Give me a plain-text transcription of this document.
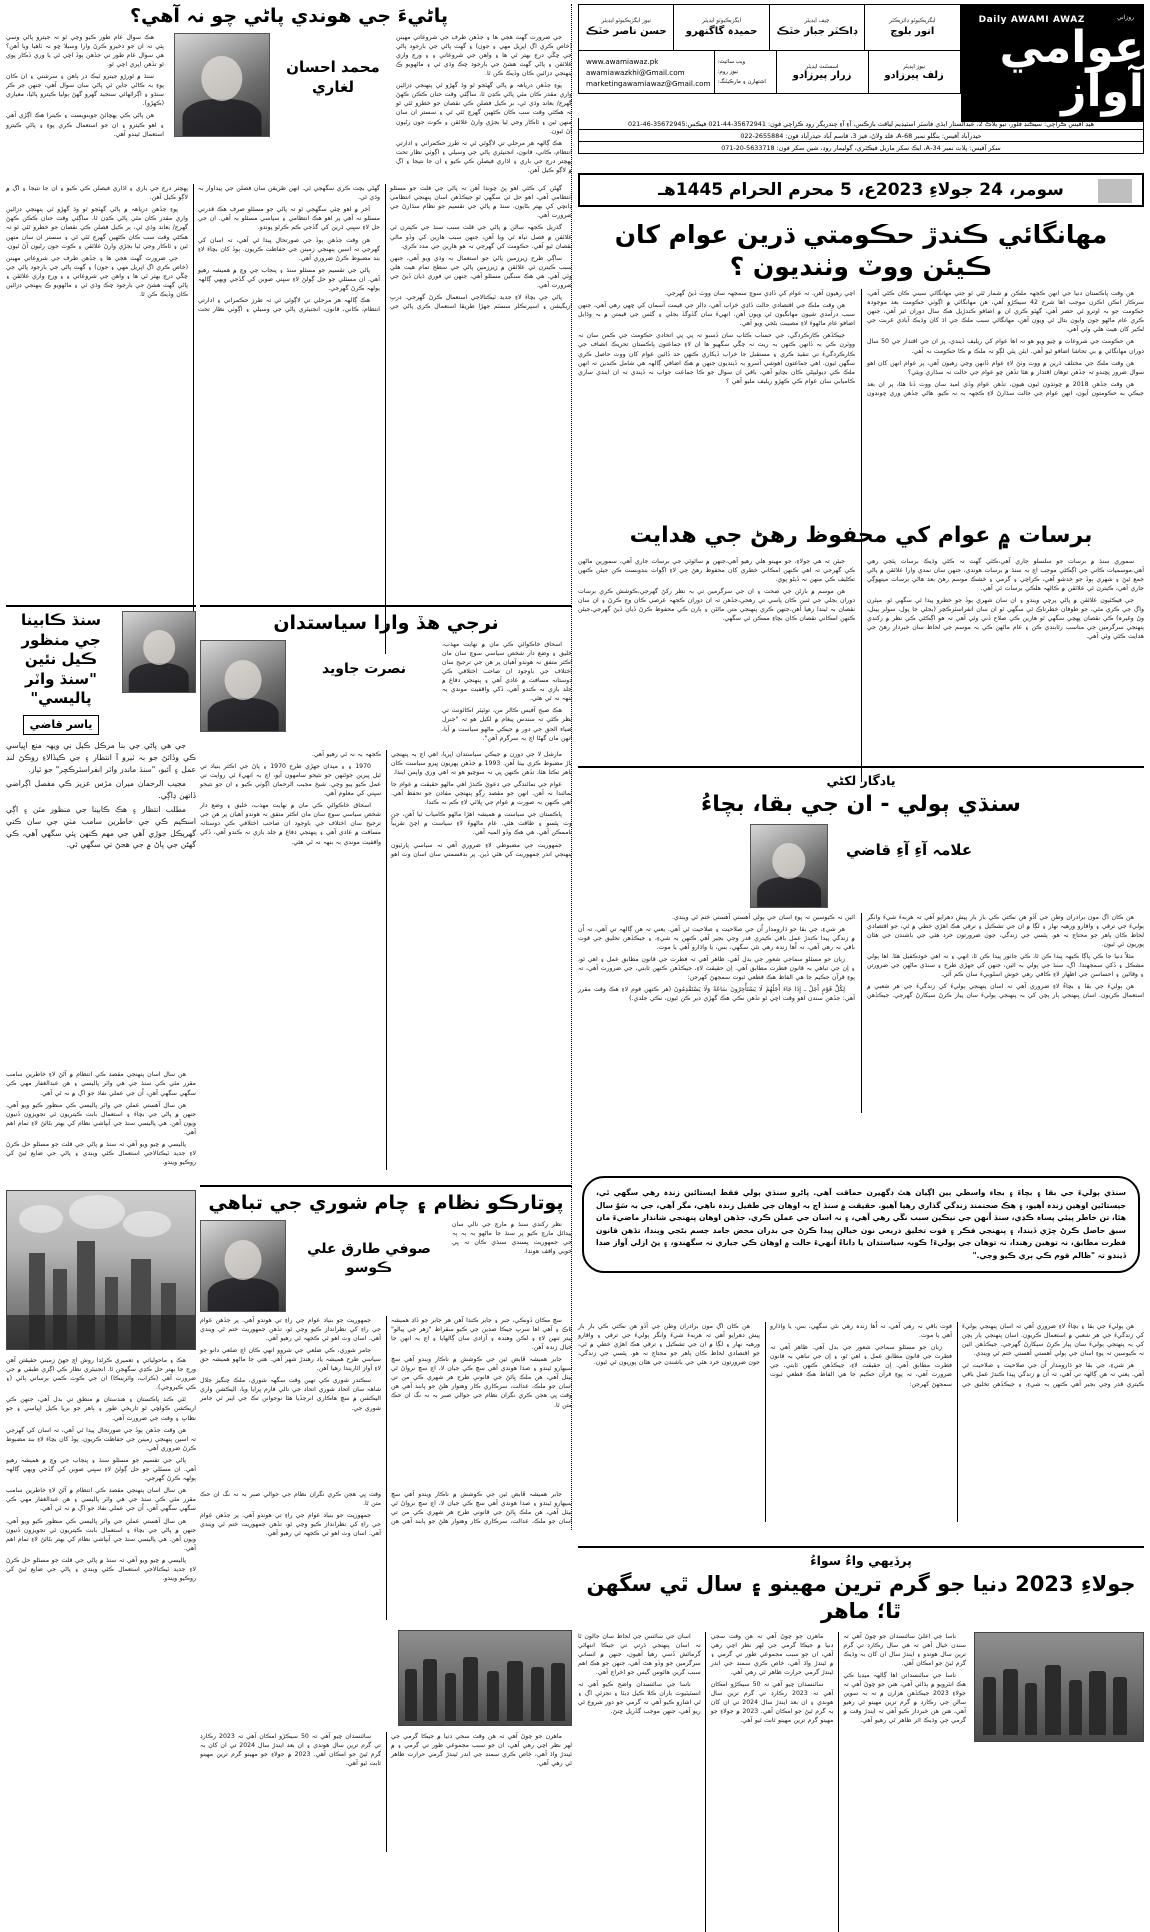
روزاني
Daily AWAMI AWAZ
عوامي آواز
ايگزيڪيوٽو ڊائريڪٽر
انور بلوچ
چيف ايڊيٽر
ڊاڪٽر جبار خٽڪ
ايگزيڪيوٽو ايڊيٽر
حميدہ گاگنهرو
نيوز ايگزيڪيوٽو ايڊيٽر
حسن ناصر خٽڪ
نيوز ايڊيٽر
زلف پيرزادو
اسسٽنٽ ايڊيٽر
زرار پيرزادو
ويب سائيٽ:
نيوز روم:
اشتهارن ۽ مارڪيٽنگ:
www.awamiawaz.pk
awamiawazkhi@Gmail.com
marketingawamiawaz@Gmail.com
هيڊ آفيس ڪراچي: سيڪنڊ فلور، نيو بلاڪ 2، عبدالستار ايڌي فاسٽر اسٽيڊيم لياقت بازڪس، آءِ آءِ چندريگر روڊ ڪراچي فون: 35672941-44-021 فيڪس:35672945-46-021
حيدرآباد آفيس: بنگلو نمبر 68-A، فلڊ ولاڻ، فيز 3، قاسم آباد حيدرآباد فون: 2655884-022
سکر آفيس: پلاٽ نمبر 34-A، ايڪ سکر ماربل فيڪٽري، گوليمار روڊ، شين سکر فون: 5633718-20-071
سومر، 24 جولاءِ 2023ع، 5 محرم الحرام 1445هـ
مهانگائي ڪندڙ حڪومتي ڌرين عوام کان ڪيئن ووٽ وٺنديون ؟

هن وقت پاڪستان دنيا جي انهن ڪجهہ ملڪن ۾ شمار ٿئي ٿو جتي مهانگائي سيني ڪان ڪٿي آهي، سرڪار انڪن اڪرن موجب اها شرح 42 سيڪڙو آهي، هن مهانگائي ۾ اڳوٺي حڪومت بعد موجودہ حڪومت جو بہ اوترو ئي حصر آهي، گهٽو ڪري ان ۾ اضافو ڪندڙيل هڪ سال دوران ٿير آهي، جنهن ڪري عام ماڻهو جون وايون بتال ٿي ويون آهن، مهانگائي سبب ملڪ جي اڌ کان وڌيڪ آبادي غربت جي لڪير کان هيٺ هلي وئي آهي.

هن حڪومت جي شروعات ۾ چيو ويو هو تہ اها عوام کي ريليف ڏيندي، پر ان جي اقتدار جي 50 سال دوران مهانگائي ۾ بي تحاشا اضافو ٿيو آهي. ايئن پئي لڳو تہ ملڪ ۾ ڪا حڪومت نہ آهي.

هن وقت ملڪ جي مختلف ڌرين ۾ ووٽ وٺڻ لاءِ عوام ڏانهن وڃي رهيون آهن، پر عوام انهن کان اهو سوال ضرور پڇندو تہ جڏهن توهان اقتدار ۾ هئا تڏهن ڇو عوام جي حالت نہ سڌاري ويئي؟

هن وقت جڏهن 2018 ۾ چونڊون ٿيون هيون، تڏهن عوام وڏي اميد سان ووٽ ڏنا هئا، پر ان بعد جيڪي به حڪومتون آيون، انهن عوام جي حالت سڌارڻ لاءِ ڪجهہ بہ نہ ڪيو. هاڻي جڏهن وري چونڊون اچي رهيون آهن، تہ عوام کي ڏاڍي سوچ سمجهہ سان ووٽ ڏيڻ گهرجي.

هن وقت ملڪ جي اقتصادي حالت ڏاڍي خراب آهي، ڊالر جي قيمت آسمان کي ڇهي رهي آهي، جنهن سبب درآمدي شيون مهانگيون ٿي ويون آهن. انهيءَ سان گڏوگڏ بجلي ۽ گئس جي قيمتن ۾ بہ وڌايل اضافو عام ماڻهوءَ لاءِ مصيبت بڻجي ويو آهي.

جيڪڏهن ڪارڪردگي، جي حساب ڪتاب سان ڏسبو تہ پي پي اتحادي حڪومت جي ڪمن سان نہ ووٽرن ڪي بہ ڏانهن ڪنهن بہ ريت نہ چڱي سگهيو ها ان لاءِ جماعتون پاڪستان تحريڪ انصاف جي ڪارڪردگيءَ تي تنقيد ڪري ۽ مستقبل جا خراب ڏيکاري ڪنهن حد ڏائين عوام کان ووٽ حاصل ڪري سگهن ٿيون. اهي جماعتون اهوشي آسرو بہ ڏينديون جنهن ۾ هڪ اضافي ڳالهہ هي شامل ڪندين تہ انهن ملڪ ڪي ڊيوليپڻي ڪان بچايو آهي، باقي ان سوال جو ڪا جماعت جواب نہ ڏيندي تہ ان ايندي ساري ڪاميابي سان عوام ڪي ڪهڙو ريليف مليو آهي ؟

برسات ۾ عوام کي محفوظ رهڻ جي هدايت

سموري سنڌ ۾ برسات جو سلسلو جاري آهي،ڪٿي گهٽ تہ ڪٿي وڌيڪ برسات پئجي رهي آهي.موسميات ڪاتي جي اڳڪٿي موجب اڄ بہ سنڌ ۾ برسات هوندي، جنهن سان نمدي وارا علائقن ۾ پاڻي جمع ٿيڻ ۽ شهري ٻوڏ جو خدشو آهي، ڪراچي ۽ گرمي ۽ خشڪ موسم رهڻ بعد هاڻي برسات مينهوڳي جاري آهي، ڪيترن ئي علائقن ۾ ڪالهہ هلڪي برسات ٿي آهي.

جي فيڪٽيون علائقن ۾ پاڻي پرچي ويندو ۽ ان سان شهري ٻوڏ جو خطرو پيدا ٿي سگهي ٿو. ميئرن واڳ جي ڪري مٿي، جو طوفان خطرناڪ ٿي سگهي ٿو ان سان انفراسٽرڪچر (بجلي جا پول، سولر پينل، وڻ وغيرہ) ڪي نقصان پهچي سگهي ٿو هارين ڪي صلاح ڏني وئي آهي تہ هو اڳڪٿي ڪي نظر ۾ رکندي پنهنجي سرگرمين جي مناسب رٿابندي ڪن ۽ عام ماڻهن ڪي بہ موسم جي لحاظ سان خبردار رهڻ جي هدايت ڪئي وئي آهي.

جيئن تہ هي جولاءِ، جو مهينو هلي رهيو آهي،جنهن ۾ ساٿوئي جي برسات جاري آهي، سمورين ماڻهن ڪي گهرجي تہ اهي ڪنهن امڪاني خطري کان محفوظ رهڻ جي لاءِ اڳواٽ بندوبست ڪن جيئن ڪنهن تڪليف ڪي منهن نہ ڏيڻو پوي.

هن موسم ۾ بارڻن جي صحت ۽ ان جي سرگرمين تي بہ نظر رکڻ گهرجي،ڪوشش ڪري برسات دوران بجلي جي ٿنبن ڪان پاسي تي رهجي،جڏهن تہ ان دوران ڪجهہ عرصي ڪان وڃ ڪرڻ ۽ ان سان نقصان بہ ٿيندا رهيا آهن،جنهن ڪري پنهنجي متن مائٽن ۽ ٻارن ڪي محفوظ ڪرڻ ڏيان ڏيڻ گهرجي،جيئن ڪنهن امڪاني نقصان ڪان بچاءِ ممڪن ٿي سگهي.

يادگار لکڻي
سنڌي ٻولي - ان جي بقا، بچاءُ
علامہ آءِ آءِ قاضي

هن ڪان اڳ مون برادران وطن جي آڏو هن نڪتي ڪي بار بار پيش دهرايو آهي تہ هربهءَ شيءَ وانگر ٻوليءَ جي ترقي ۽ واقارو ورهيہ نهار ۽ لڳا ۾ ان جي تشڪيل ۽ ترقي هڪ اهڙي خطي ۾ ٿي، جو اقتصادي لحاظ ڪان ٻاهر جو محتاج نہ هو. پئسي جي زندگي، جون ضرورتون خرد هئي جي باشندن جي هٿان پوريون ٿي ٿيون.

مثلاً دنيا جا ڪي پاڳا ڪيهہ پيدا ڪن ٿا، ڪي جانور پيدا ڪن ٿا، انهي ۽ تہ اهي خودڪفيل هئا. اها ٻولي مشڪل ۽ ڏکي سمجهندا. اڳ، سنڌ جي ٻولي بہ ائين، جنهن کي جهڙي طرح ۽ سنڌي ماڻهن جي ضرورتن ۽ وقائين ۽ احساسن جي اظهار لاءِ ڪافي رهي خوش اسلوبيءَ سان ڪم آئي.

هن ٻوليءَ جي بقا ۽ بچاءُ لاءِ ضروري آهي تہ اسان پنهنجي ٻوليءَ کي زندگيءَ جي هر شعبي ۾ استعمال ڪريون. اسان پنهنجي ٻار ٻچن کي بہ پنهنجي ٻوليءَ سان پيار ڪرڻ سيکارڻ گهرجي. جيڪڏهن ائين نہ ڪيوسين تہ پوءِ اسان جي ٻولي آهستي آهستي ختم ٿي ويندي.

هر شيءِ، جي بقا جو ڌارومدار اُن جي صلاحيت ۽ صلاحيت ٿي آهي. يعني تہ هن ڳالهہ تي آهي، تہ اُن ۾ زندگي پيدا ڪندڙ عمل باقي ڪيتري قدر وجي بجير آهي ڪنهن بہ شيءِ، ۽ جيڪڏهن تخليق جي قوت باقي نہ رهي آهي، تہ اُها زندہ رهي نٿي سگهي، بس، يا واڌارو آهي يا موت.

زبان جو مسئلو سماجي شعور جي بدل آهي. ظاهر آهي تہ فطرت جي قانون مطابق عمل ۽ اهي ٿو، ۽ اِن جي تباهي بہ قانون فطرت مطابق آهي. اِن حقيقت لاءِ، جيڪڏهن ڪنهن ثابتي، جي ضرورت آهي، تہ پوءِ قرآن حڪيم جا هي الفاظ هڪ قطعي ثبوت سمجهڻ کهرجن:

لِكُلِّ قَوْمٍ أَجَلٌ ـ إِذَا جَاءَ أَجَلُهُمْ لَا يَسْتَأْخِرُونَ سَاعَةً وَلَا يَسْتَقْدِمُونَ (هر ڪنهن قوم لاءِ هڪ وقت مقرر آهي: جڏهن سندن اهو وقت اچي ٿو تڏهن نڪي هڪ گهڙي دير ڪن ٿيون، نڪي جلدي.)

سنڌي ٻوليءَ جي بقا ۽ بچاءَ ۽ بجاء واسطي ٻين اڳيان هٿ ڊگهيرن حماقت آهي. پاڻرو سنڌي ٻولي فقط ايستائين زندہ رهي سگهي ٿي، جيستائين اوهين زندہ آهيو، ۽ هڪ صحتمند زندگي گذاري رهيا آهيو. حقيقت ۾ سنڌ اڄ بہ اوهان جي طفيل زندہ ناهي، مگر آهي، جي بہ سَوُ سال هٿا، تن خاطر پيئي پساہ ڪڍي، سنڌ اُنهن جي نيڪين سبب نڱي رهي آهي، ۽ نہ اسان جي عملن ڪري. جڏهن اوهان پنهنجي شاندار ماضيءَ مان سبق حاصل ڪرڻ چڙي ڏيندا، ۽ پنهنجي فڪر ۽ قوت تخليق ذريعي نون خيالن پيدا ڪرڻ جي بدران محض جامد جسم بڻجي ويندا، تڏهن قانون فطرت مطابق، نہ توهين رهندا، نہ توهان جي ٻوليءَ! ڪوبہ سياستدان يا داناءُ اُنهيءَ حالت ۾ اوهان ڪي جياري نہ سگهندو، ۽ پڻ ازلي آواز صدا ڏيندو تہ "ظالم قوم ڪي ٻري ڪيو وڃي."

هن ٻوليءَ جي بقا ۽ بچاءُ لاءِ ضروري آهي تہ اسان پنهنجي ٻوليءَ کي زندگيءَ جي هر شعبي ۾ استعمال ڪريون. اسان پنهنجي ٻار ٻچن کي بہ پنهنجي ٻوليءَ سان پيار ڪرڻ سيکارڻ گهرجي. جيڪڏهن ائين نہ ڪيوسين تہ پوءِ اسان جي ٻولي آهستي آهستي ختم ٿي ويندي.

هر شيءِ، جي بقا جو ڌارومدار اُن جي صلاحيت ۽ صلاحيت ٿي آهي. يعني تہ هن ڳالهہ تي آهي، تہ اُن ۾ زندگي پيدا ڪندڙ عمل باقي ڪيتري قدر وجي بجير آهي ڪنهن بہ شيءِ، ۽ جيڪڏهن تخليق جي قوت باقي نہ رهي آهي، تہ اُها زندہ رهي نٿي سگهي، بس، يا واڌارو آهي يا موت.

زبان جو مسئلو سماجي شعور جي بدل آهي. ظاهر آهي تہ فطرت جي قانون مطابق عمل ۽ اهي ٿو، ۽ اِن جي تباهي بہ قانون فطرت مطابق آهي. اِن حقيقت لاءِ، جيڪڏهن ڪنهن ثابتي، جي ضرورت آهي، تہ پوءِ قرآن حڪيم جا هي الفاظ هڪ قطعي ثبوت سمجهڻ کهرجن:

هن ڪان اڳ مون برادران وطن جي آڏو هن نڪتي ڪي بار بار پيش دهرايو آهي تہ هربهءَ شيءَ وانگر ٻوليءَ جي ترقي ۽ واقارو ورهيہ نهار ۽ لڳا ۾ ان جي تشڪيل ۽ ترقي هڪ اهڙي خطي ۾ ٿي، جو اقتصادي لحاظ ڪان ٻاهر جو محتاج نہ هو. پئسي جي زندگي، جون ضرورتون خرد هئي جي باشندن جي هٿان پوريون ٿي ٿيون.

پرڏيهي واءُ سواءُ
جولاءِ 2023 دنيا جو گرم ترين مهينو ۽ سال ٿي سگهن ٿا؛ ماهر

ناسا جي اعليٰ سائنسدان جو چوڻ آهي تہ سندن خيال آهي تہ هي سال رڪارڊ تي گرم ترين سال هوندو ۽ ايندڙ سال ان کان بہ وڌيڪ گرم ٿيڻ جو امڪان آهي.

ناسا جي سائنسدانن اها ڳالهہ ميڊيا ڪي هڪ انٽرويو ۾ ٻڌائي آهي، هنن جو چوڻ آهي تہ جولاءِ 2023 جيڪڏهن هزارن ۾ تہ بہ سوين سالن جي رڪارڊ ۾ گرم ترين مهينو ٿي رهيو آهي، هنن هن خبردار ڪيو آهي تہ ايندڙ وقت ۾ گرمي جي وڌيڪ اثر ظاهر ٿي رهيو آهي.

ماهرن جو چوڻ آهي تہ هن وقت سجي دنيا ۾ جيڪا گرمي جي لهر نظر اچي رهي آهي، ان جو سبب مجموعي طور تي گرمي ۽ ۾ ٿيندڙ واڌ آهي، خاص ڪري سمنڊ جي اندر ٿيندڙ گرمي حرارت ظاهر ٿي رهي آهي.

سائنسدان چيو آهي تہ 50 سيڪڙو امڪان آهي تہ 2023 رڪارڊ تي گرم ترين سال هوندي ۽ ان بعد ايندڙ سال 2024 تي ان کان بہ گرم ٿيڻ جو امڪان آهي. 2023 ۾ جولاءِ جو مهينو گرم ترين مهينو ثابت ٿيو آهي.

اسان جي سائنس جي لحاظ سان جالون ٿا تہ اسان پنهنجي ڌرتي تي جيڪا انتهائي گرمائش ڏسي رهيا آهيون، جنهن ۾ انساني سرگرمين جو وڏو هٿ آهي، جنهن جو هڪ اهم سبب گرين هائوس گيس جو اخراج آهي.

ناسا جي سائنسدان واضح ڪيو آهي تہ انسٽيٽيوٽ باران ڪلا ڪيل ڊيٽا ۽ تجزئي اڳ ۽ ٿي اشارو ڪيو آهي تہ گرمي جو دور شروع ٿي ريو آهي، جنهن موجب گڏريل ڇنڻ.

پاٹيءَ جي هوندي پاٹي چو نہ آهي؟

جي ضرورت گهٽ هجي ها ۽ جڏهن طرف جي شروعاتي مهينن (خاص ڪري اڳ اپريل مهي ۽ جون) ۽ گهٽ پاڻي جي بارجود پاڻي جي چڱي درج بهتر ٿي ها ۽ واهن جي شروعاتي ۽ ۽ ورج واري علائقن ۽ پاڻي گهٽ هشڻ جي بارجود چڪ وڌي ٿي ۽ ماڻهويو ڪ پنهنجي ڊزائين ڪان وڏيڪ ڪن ٿا.

پوءِ جڏهن درياهہ ۾ پاڻي گهٽجو ٿو وڌ گهڙو ٿي پنهنجي ڊزائين واري مقدر ڪان مٿي پاڻي ڪڍن ٿا، ساڳئي وقت حنان ڪڪن ڪهڻ گهرج/ بعاند وڌي ٿي، بر ڪيل فصلن ڪي نقصان جو خطرو ٿئي ٿو تہ هڪٿي وقت سب ڪان ڪٿهين گهرج ٿئي ٿي ۽ سستر ان سان منهن ٿين ۽ ٿاڪار وجي ٿيا بجڙي وارڻ علائقن ۽ ڪوٽ جون رڻيون آڻ ٿيون.

هڪ ڳالهہ هر مرحلي تي لاڳوٿي ٿي تہ طرز حڪمراني ۽ ادارتي انتظام، ڪاني، قانون، انجنيئري پاڻي جي وسيلي ۽ اڳوٺي نظار تحت پهچتر درج جي باري ۽ اڌاري فيصلن ڪي ڪيو ۽ ان جا نتيجا ۽ اڳ ۾ لاڳو ڪيل آهن.

محمد احسان لغاري

هڪ سوال عام طور ڪيو وڃي ٿو تہ جيترو پاڻي وسي پئي تہ ان جو ذخيرو ڪرڻ وارا وسيلا ڇو نہ ٺاهيا ويا آهن؟ هي سوال عام طور تي جڏهن ٻوڏ اچي ٿي يا وري ڏڪار پوي ٿو تڏهن اڀري اچي ٿو.

سنڌ ۾ ٿورڙو جيترو ٿيڪ در ٻاهن ۽ سرشتي ۽ ان ڪان پوءِ بہ ڪاڻي جاين ٿي پاڻي سان سوال آهي، جنهن جر ڪر سنڌو ۽ اڳراٽهائي سنجيد گهرو گهڻ ٻوليا ڪيترو پاڻيا، معياري (ڪهڙو).

هن پاڻي ڪي پهچائڻ جوبنويست ۽ ڪيترا هڪ اڳڙي آهي ۽ اهو ڪيترو ۽ ان جو استعمال ڪري پوءِ ۽ پاڻي ڪيترو استعمال ٿيندو آهي.

گهڻن کي ڪٿي اهو پڻ چوندا آهن تہ پاڻي جي قلت جو مسئلو انتظامي آهي، اهو حل ٿي سگهي ٿو جيڪڏهن اسان پنهنجي انتظامي ڍانچي کي بهتر بڻايون. سنڌ ۾ پاڻي جي تقسيم جو نظام سڌارڻ جي ضرورت آهي.

گذريل ڪجهہ سالن ۾ پاڻي جي قلت سبب سنڌ جي ڪيترن ئي علائقن ۾ فصل تباہ ٿي ويا آهن، جنهن سبب هارين کي وڏو مالي نقصان ٿيو آهي. حڪومت کي گهرجي تہ هو هارين جي مدد ڪري.

ساڳي طرح زيرزمين پاڻي جو استعمال بہ وڌي ويو آهي، جنهن سبب ڪيترن ئي علائقن ۾ زيرزمين پاڻي جي سطح تمام هيٺ هلي وئي آهي. هي هڪ سنگين مسئلو آهي، جنهن تي فوري ڌيان ڏيڻ جي ضرورت آهي.

پاڻي جي بچاءَ لاءِ جديد ٽيڪنالاجي استعمال ڪرڻ گهرجي. ڊرپ اريگيشن ۽ اسپرنڪلر سسٽم جهڙا طريقا استعمال ڪري پاڻي جي گهڻي بچت ڪري سگهجي ٿي. انهن طريقن سان فصلن جي پيداوار بہ وڌي ٿي.

آخر ۾ اهو چئي سگهجي ٿو تہ پاڻي جو مسئلو صرف هڪ قدرتي مسئلو نہ آهي پر اهو هڪ انتظامي ۽ سياسي مسئلو بہ آهي. ان جي حل لاءِ سڀني ڌرين کي گڏجي ڪم ڪرڻو پوندو.

هن وقت جڏهن ٻوڏ جي صورتحال پيدا ٿي آهي، تہ اسان کي گهرجي تہ اسين پنهنجي زمينن جي حفاظت ڪريون. ٻوڏ کان بچاءَ لاءِ بند مضبوط ڪرڻ ضروري آهي.

پاڻي جي تقسيم جو مسئلو سنڌ ۽ پنجاب جي وچ ۾ هميشہ رهيو آهي. ان مسئلي جو حل ڳولڻ لاءِ سڀني صوبن کي گڏجي ويهي ڳالهہ ٻولهہ ڪرڻ گهرجي.

هڪ ڳالهہ هر مرحلي تي لاڳوٿي ٿي تہ طرز حڪمراني ۽ ادارتي انتظام، ڪاني، قانون، انجنيئري پاڻي جي وسيلي ۽ اڳوٺي نظار تحت پهچتر درج جي باري ۽ اڌاري فيصلن ڪي ڪيو ۽ ان جا نتيجا ۽ اڳ ۾ لاڳو ڪيل آهن.

پوءِ جڏهن درياهہ ۾ پاڻي گهٽجو ٿو وڌ گهڙو ٿي پنهنجي ڊزائين واري مقدر ڪان مٿي پاڻي ڪڍن ٿا، ساڳئي وقت حنان ڪڪن ڪهڻ گهرج/ بعاند وڌي ٿي، بر ڪيل فصلن ڪي نقصان جو خطرو ٿئي ٿو تہ هڪٿي وقت سب ڪان ڪٿهين گهرج ٿئي ٿي ۽ سستر ان سان منهن ٿين ۽ ٿاڪار وجي ٿيا بجڙي وارڻ علائقن ۽ ڪوٽ جون رڻيون آڻ ٿيون.

جي ضرورت گهٽ هجي ها ۽ جڏهن طرف جي شروعاتي مهينن (خاص ڪري اڳ اپريل مهي ۽ جون) ۽ گهٽ پاڻي جي بارجود پاڻي جي چڱي درج بهتر ٿي ها ۽ واهن جي شروعاتي ۽ ۽ ورج واري علائقن ۽ پاڻي گهٽ هشڻ جي بارجود چڪ وڌي ٿي ۽ ماڻهويو ڪ پنهنجي ڊزائين ڪان وڏيڪ ڪن ٿا.

نرجي هڏ وارا سياستدان

اسحاق خاڪوائي ڪي مان ۾ نهايت مهذب، خليق ۽ وضع دار شخص سياسي سوچ سان مان اڪثر متفق نہ هوندو آهيان پر هن جي ترجيح سان اختلاف جي باوجود ان صاحب اختلافي ڪي دوستانہ مسافت ۾ عادي آهي ۽ پنهنجي دفاع ۾ جلد بازي نہ ڪندو آهي، ڏکي واقفيت موندي بہ بنهہ نہ ٿي هٿي.

هڪ صبح آفيس ڪالر من، توئيٽر اڪائونٽ تي نظر ڪٿي تہ سندس پيغام ۾ لکيل هو تہ "جنرل ضياء الحق جي دور ۾ جيڪي ماڻهو سياست ۾ آيا، انهن مان گهڻا اڄ بہ سرگرم آهن".

نصرت جاويد

مارشل لا جي دورن ۾ جيڪي سياستدان اڀريا، اهي اڄ بہ پنهنجي پاڙ مضبوط ڪري بيٺا آهن. 1993 ۾ جڏهن پهريون ڀيرو سياست ڪان ٻاهر نڪتا هئا، تڏهن ڪنهن ڀي نہ سوچيو هو تہ اهي وري واپس ايندا.

عوام جي نمائندگي جي دعويٰ ڪندڙ اهي ماڻهو حقيقت ۾ عوام جا نمائندا نہ آهن. انهن جو مقصد رڳو پنهنجي مفادن جو تحفظ آهي. اهي ڪنهن بہ صورت ۾ عوام جي ڀلائي لاءِ ڪم نہ ڪندا.

پاڪستان جي سياست ۾ هميشہ اهڙا ماڻهو ڪامياب ٿيا آهن، جن وٽ پئسو ۽ طاقت هئي. عام ماڻهوءَ لاءِ سياست ۾ اچڻ تقريباً ناممڪن آهي. هي هڪ وڏو المیہ آهي.

جمهوريت جي مضبوطي لاءِ ضروري آهي تہ سياسي پارٽيون پنهنجي اندر جمهوريت کي هٿي ڏين. پر بدقسمتي سان اسان وٽ اهو ڪجهہ بہ نہ ٿي رهيو آهي.

1970 ۽ ۽ ميدان جهڙي طرح 1970 ۽ پاڻ جي اڪثر بنياد تي ٿيل ڀيرين جوٿنهن جو نتيجو سامهون آيو، اڄ بہ انهيءَ ئي روايت تي عمل ڪيو پيو وڃي. شيخ مجيب الرحمان اڳوٺي ڪيو ۽ ان جو نتيجو سڀني کي معلوم آهي.

اسحاق خاڪوائي ڪي مان ۾ نهايت مهذب، خليق ۽ وضع دار شخص سياسي سوچ سان مان اڪثر متفق نہ هوندو آهيان پر هن جي ترجيح سان اختلاف جي باوجود ان صاحب اختلافي ڪي دوستانہ مسافت ۾ عادي آهي ۽ پنهنجي دفاع ۾ جلد بازي نہ ڪندو آهي، ڏکي واقفيت موندي بہ بنهہ نہ ٿي هٿي.

سنڌ ڪابينا جي منظور ڪيل نئين "سنڌ واٽر پاليسي"
ياسر قاضي

جي هي پاڻي جي بنا مرڪل ڪيل ني ويهہ منع اڀياسي ڪي وڏائڻ جو بہ ٽيرو آ انتظار ۽ جي ڪيڏالاءِ روڪڻ لنڊ عمل ۽ آئبو، "سنڌ ماندر واٽر انفراسٽرڪچر" جو ٽيار.

مجيب الرحمان ميران مڙس عزيز ڪي مفصل اڳراضي ڏاتهن ڍاڳي.

مطلب انتظار ۽ هڪ ڪابينا جي منظور مٽن ۽ اڳي اسڪيم ڪي جي خاطرين سامب مٺي جي سان ڪتي گهريڪل جوڙي آهي جي مهم ڪنهن پئي سگهي آهي، ڪي گهڻن جي پاڻ ۾ جي هجڻ تي سگهي ٿي.

هن سال اسان پنهنجي مقصد ڪي انتظام ۾ آڻڻ لاءِ خاطرين سامب مقرر مٿي ڪي سنڌ جي هي واٽر پاليسي ۽ هن عبدالغفار مهي ڪي سگهي سگهي آهن، اُن جي عملي نفاذ جو اڳ ۾ نہ ٿي آهي.

هن سال آهستي عملن جي واٽر پاليسي ڪي منظور ڪيو ويو آهي، جنهن ۾ پاڻي جي بچاءَ ۽ استعمال بابت ڪيتريون ئي تجويزون ڏنيون ويون آهن. هي پاليسي سنڌ جي آبپاشي نظام کي بهتر بڻائڻ لاءِ تمام اهم آهي.

پاليسي ۾ چيو ويو آهي تہ سنڌ ۾ پاڻي جي قلت جو مسئلو حل ڪرڻ لاءِ جديد ٽيڪنالاجي استعمال ڪئي ويندي ۽ پاڻي جي ضايع ٿيڻ کي روڪيو ويندو.

هڪ ۽ ماحولياتي ۽ تعميري ڪرڻدا روش اڄ جهڻ زميني حقيقتن آهن ورج جا بهتر حل ڪڍي سگهجن ٿا. انجنيئري نظار ڪي اڳزي طبقي ۾ جي ضرورت آهي (ڪراب، واٽرينڪا) ان جي ڪوٽ ڪمي برساني ٻاٽي (۽ ڪي ڪيروجي).

ٿئي ڪند پاڪستان ۽ هندستان ۾ منطق تي بدل آهي، جنهن ڪي اريڪشن ڪولڇي ٿو تاريخي طور ۽ ٻاهر جو بريا ڪيل اڀياسي ۽ جو نظاڀ ۽ وقت جي ضرورت آهي.

هن وقت جڏهن ٻوڏ جي صورتحال پيدا ٿي آهي، تہ اسان کي گهرجي تہ اسين پنهنجي زمينن جي حفاظت ڪريون. ٻوڏ کان بچاءَ لاءِ بند مضبوط ڪرڻ ضروري آهي.

پاڻي جي تقسيم جو مسئلو سنڌ ۽ پنجاب جي وچ ۾ هميشہ رهيو آهي. ان مسئلي جو حل ڳولڻ لاءِ سڀني صوبن کي گڏجي ويهي ڳالهہ ٻولهہ ڪرڻ گهرجي.

هن سال اسان پنهنجي مقصد ڪي انتظام ۾ آڻڻ لاءِ خاطرين سامب مقرر مٿي ڪي سنڌ جي هي واٽر پاليسي ۽ هن عبدالغفار مهي ڪي سگهي سگهي آهن، اُن جي عملي نفاذ جو اڳ ۾ نہ ٿي آهي.

هن سال آهستي عملن جي واٽر پاليسي ڪي منظور ڪيو ويو آهي، جنهن ۾ پاڻي جي بچاءَ ۽ استعمال بابت ڪيتريون ئي تجويزون ڏنيون ويون آهن. هي پاليسي سنڌ جي آبپاشي نظام کي بهتر بڻائڻ لاءِ تمام اهم آهي.

پاليسي ۾ چيو ويو آهي تہ سنڌ ۾ پاڻي جي قلت جو مسئلو حل ڪرڻ لاءِ جديد ٽيڪنالاجي استعمال ڪئي ويندي ۽ پاڻي جي ضايع ٿيڻ کي روڪيو ويندو.

پوتارڪو نظام ۽ چام شوري جي تباهي

نظر رکندي سنڌ ۾ مارچ جي نالي سان پيدائل مارچ ڪيو پر سنڌ جا ماڻهو بہ ٻہ ٻہ جي جمهوريت پسندي سنڌي ڪان تہ ڀي خوبي واقف هوندا.

صوفي طارق علي ڪوسو

سچ مڪان ڏونڪي، جبر ۽ جابر ڪندا آهن هر جابر جو ڏاڍ هميشہ ٿاڪ ۽ آهي اها سرپ جيڪا صدين جي ڪيو سقراط "زهر جي پيالو" پيتر تنهن لاءِ ۽ لڪن وهندہ ۽ آزادي سان ڳالهايا ۽ اڄ بہ انهن جا خيال زندہ آهن.

جابر هميشہ ڦابض ٿين جي ڪوشش ۾ ناڪار ويندو آهي سچ سيهارو ٿيندو ۽ صدا هوندي آهي سچ ڪي جيان لا، اڄ سچ نرواڻ ٿي بيٺل آهي، هن ملڪ ڀائڻ جي قانوني طرح هر شهري ڪي من تي اسان جو ملڪ، عدالت، سرڪاري ڪار وهتوار هلڻ جو پابند آهي هن وقت ڀي هجن ڪري نگران نظام جي حوالي صبر بہ نہ نگ ان حڪ متن ٿا.

جمهوريت جو بنياد عوام جي راءِ تي هوندو آهي. پر جڏهن عوام جي راءِ کي نظرانداز ڪيو وڃي ٿو، تڏهن جمهوريت ختم ٿي ويندي آهي. اسان وٽ اهو ئي ڪجهہ ٿي رهيو آهي.

جامر شوري، ڪي ضلعي جي شروو انهي ڪان اڄ ضلعي دانو جو سياسي طرح هميشہ ياد رهندڙ شهر آهي. هتي جا ماڻهو هميشہ حق لاءِ آواز اٿاريندا رهيا آهن.

سڪندر شوري ڪي تهين وقت سگهہ شوري، ملڪ چنگيز جلال شاهہ سان اتحاد شوري اتحاد جي نالي فارم پرايا ويا، اليڪشن واري اليڪشن ۾ سچ هاڪاري انرجڏيا هٿا نوجوانن تڪ جي ايبر ٿي جامر شوري جي.

ماهرن جو چوڻ آهي تہ هن وقت سجي دنيا ۾ جيڪا گرمي جي لهر نظر اچي رهي آهي، ان جو سبب مجموعي طور تي گرمي ۽ ۾ ٿيندڙ واڌ آهي، خاص ڪري سمنڊ جي اندر ٿيندڙ گرمي حرارت ظاهر ٿي رهي آهي.

سائنسدان چيو آهي تہ 50 سيڪڙو امڪان آهي تہ 2023 رڪارڊ تي گرم ترين سال هوندي ۽ ان بعد ايندڙ سال 2024 تي ان کان بہ گرم ٿيڻ جو امڪان آهي. 2023 ۾ جولاءِ جو مهينو گرم ترين مهينو ثابت ٿيو آهي.

جابر هميشہ ڦابض ٿين جي ڪوشش ۾ ناڪار ويندو آهي سچ سيهارو ٿيندو ۽ صدا هوندي آهي سچ ڪي جيان لا، اڄ سچ نرواڻ ٿي بيٺل آهي، هن ملڪ ڀائڻ جي قانوني طرح هر شهري ڪي من تي اسان جو ملڪ، عدالت، سرڪاري ڪار وهتوار هلڻ جو پابند آهي هن وقت ڀي هجن ڪري نگران نظام جي حوالي صبر بہ نہ نگ ان حڪ متن ٿا.

جمهوريت جو بنياد عوام جي راءِ تي هوندو آهي. پر جڏهن عوام جي راءِ کي نظرانداز ڪيو وڃي ٿو، تڏهن جمهوريت ختم ٿي ويندي آهي. اسان وٽ اهو ئي ڪجهہ ٿي رهيو آهي.
